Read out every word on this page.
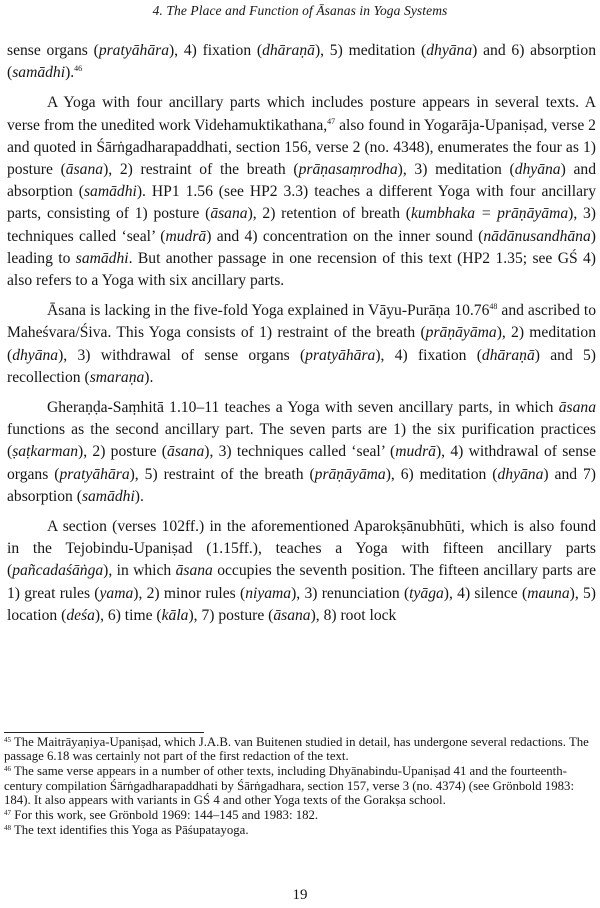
4. The Place and Function of Āsanas in Yoga Systems

sense organs (pratyāhāra), 4) fixation (dhāraṇā), 5) meditation (dhyāna) and 6) absorption (samādhi).$^{46}$

A Yoga with four ancillary parts which includes posture appears in several texts. A verse from the unedited work Videhamuktikathana,$^{47}$ also found in Yogarāja-Upaniṣad, verse 2 and quoted in Śārṅgadharapaddhati, section 156, verse 2 (no. 4348), enumerates the four as 1) posture (āsana), 2) restraint of the breath (prāṇasaṃrodha), 3) meditation (dhyāna) and absorption (samādhi). HP1 1.56 (see HP2 3.3) teaches a different Yoga with four ancillary parts, consisting of 1) posture (āsana), 2) retention of breath (kumbhaka = prāṇāyāma), 3) techniques called ‘seal’ (mudrā) and 4) concentration on the inner sound (nādānusandhāna) leading to samādhi. But another passage in one recension of this text (HP2 1.35; see GŚ 4) also refers to a Yoga with six ancillary parts.

Āsana is lacking in the five-fold Yoga explained in Vāyu-Purāṇa 10.76$^{48}$ and ascribed to Maheśvara/Śiva. This Yoga consists of 1) restraint of the breath (prāṇāyāma), 2) meditation (dhyāna), 3) withdrawal of sense organs (pratyāhāra), 4) fixation (dhāraṇā) and 5) recollection (smaraṇa).

Gheraṇḍa-Saṃhitā 1.10–11 teaches a Yoga with seven ancillary parts, in which āsana functions as the second ancillary part. The seven parts are 1) the six purification practices (ṣaṭkarman), 2) posture (āsana), 3) techniques called ‘seal’ (mudrā), 4) withdrawal of sense organs (pratyāhāra), 5) restraint of the breath (prāṇāyāma), 6) meditation (dhyāna) and 7) absorption (samādhi).

A section (verses 102ff.) in the aforementioned Aparokṣānubhūti, which is also found in the Tejobindu-Upaniṣad (1.15ff.), teaches a Yoga with fifteen ancillary parts (pañcadaśāṅga), in which āsana occupies the seventh position. The fifteen ancillary parts are 1) great rules (yama), 2) minor rules (niyama), 3) renunciation (tyāga), 4) silence (mauna), 5) location (deśa), 6) time (kāla), 7) posture (āsana), 8) root lock

$^{45}$ The Maitrāyaṇiya-Upaniṣad, which J.A.B. van Buitenen studied in detail, has undergone several redactions. The passage 6.18 was certainly not part of the first redaction of the text.

$^{46}$ The same verse appears in a number of other texts, including Dhyānabindu-Upaniṣad 41 and the fourteenth-century compilation Śārṅgadharapaddhati by Śārṅgadhara, section 157, verse 3 (no. 4374) (see Grönbold 1983: 184). It also appears with variants in GŚ 4 and other Yoga texts of the Gorakṣa school.

$^{47}$ For this work, see Grönbold 1969: 144–145 and 1983: 182.

$^{48}$ The text identifies this Yoga as Pāśupatayoga.

19
